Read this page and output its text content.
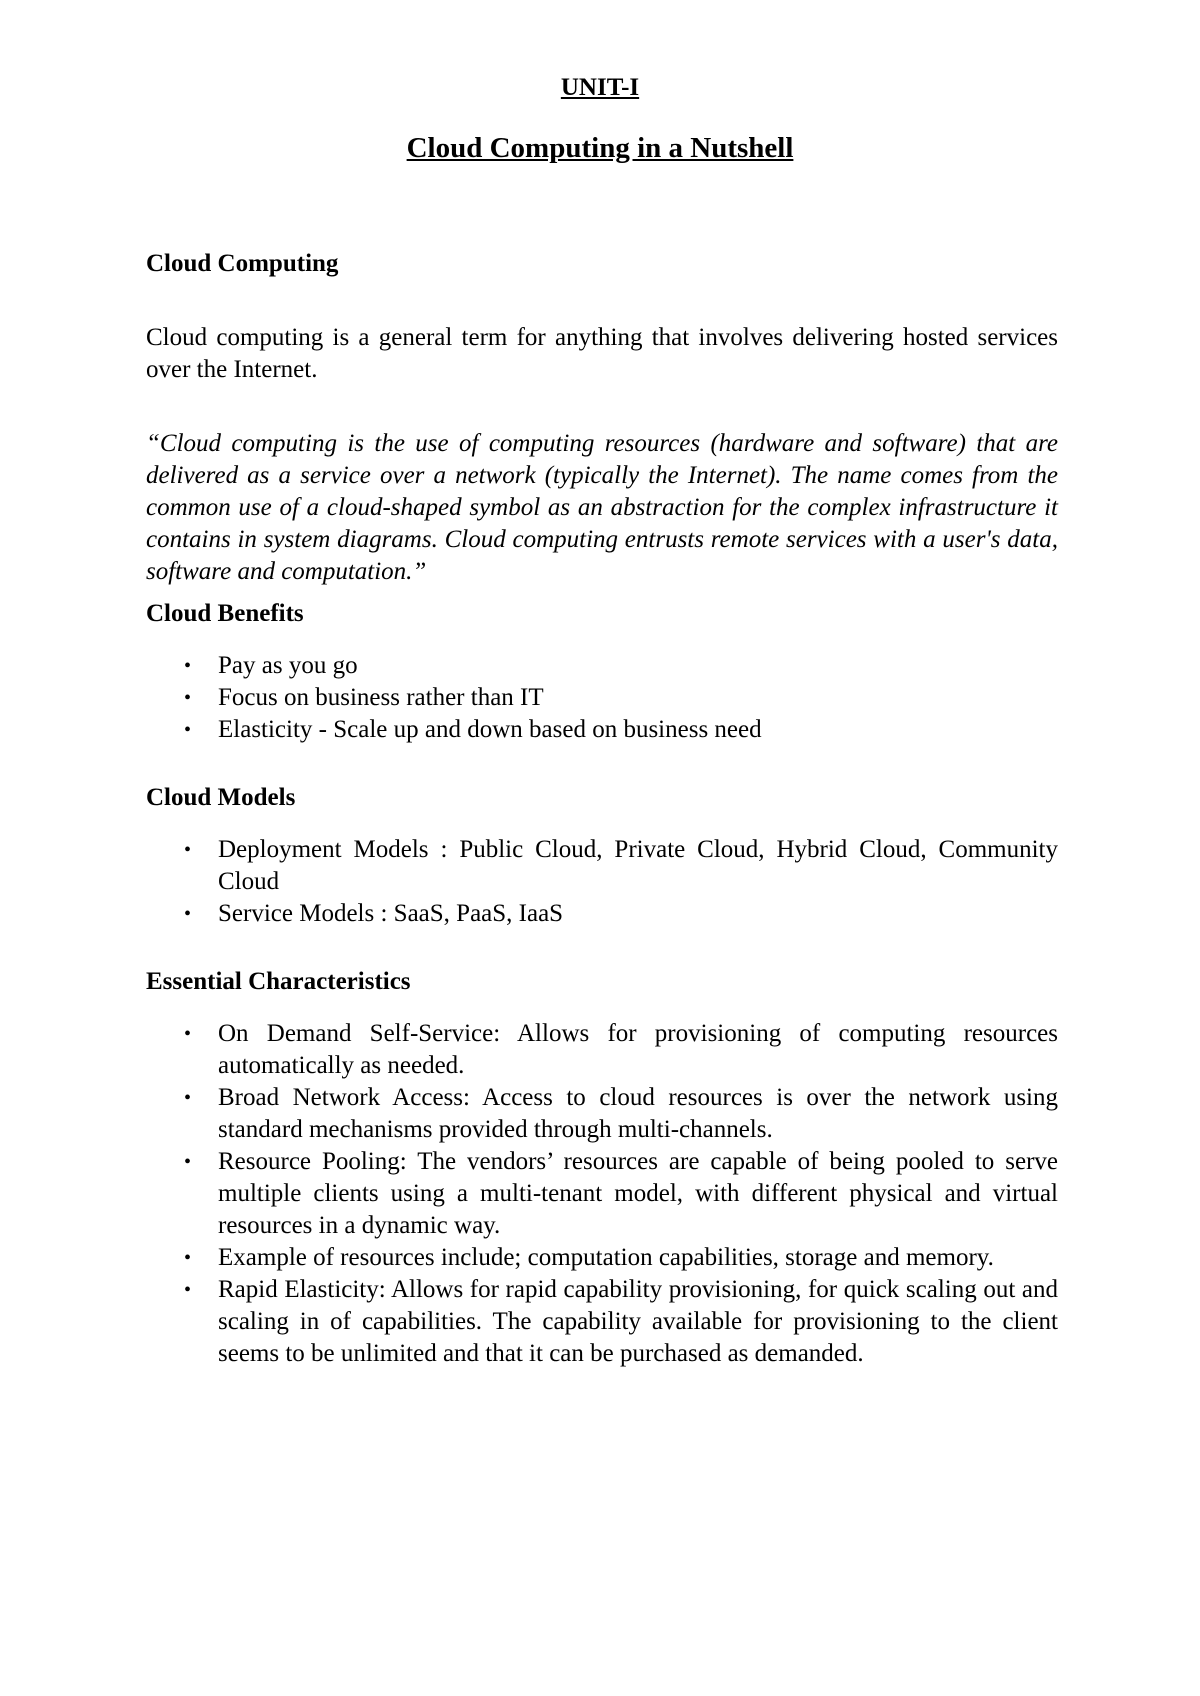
UNIT-I
Cloud Computing in a Nutshell
Cloud Computing

Cloud computing is a general term for anything that involves delivering hosted services over the Internet.

“Cloud computing is the use of computing resources (hardware and software) that are delivered as a service over a network (typically the Internet). The name comes from the common use of a cloud-shaped symbol as an abstraction for the complex infrastructure it contains in system diagrams. Cloud computing entrusts remote services with a user's data, software and computation.”

Cloud Benefits
• Pay as you go
• Focus on business rather than IT
• Elasticity - Scale up and down based on business need
Cloud Models
• Deployment Models : Public Cloud, Private Cloud, Hybrid Cloud, Community Cloud
• Service Models : SaaS, PaaS, IaaS
Essential Characteristics
• On Demand Self-Service: Allows for provisioning of computing resources automatically as needed.
• Broad Network Access: Access to cloud resources is over the network using standard mechanisms provided through multi-channels.
• Resource Pooling: The vendors’ resources are capable of being pooled to serve multiple clients using a multi-tenant model, with different physical and virtual resources in a dynamic way.
• Example of resources include; computation capabilities, storage and memory.
• Rapid Elasticity: Allows for rapid capability provisioning, for quick scaling out and scaling in of capabilities. The capability available for provisioning to the client seems to be unlimited and that it can be purchased as demanded.
